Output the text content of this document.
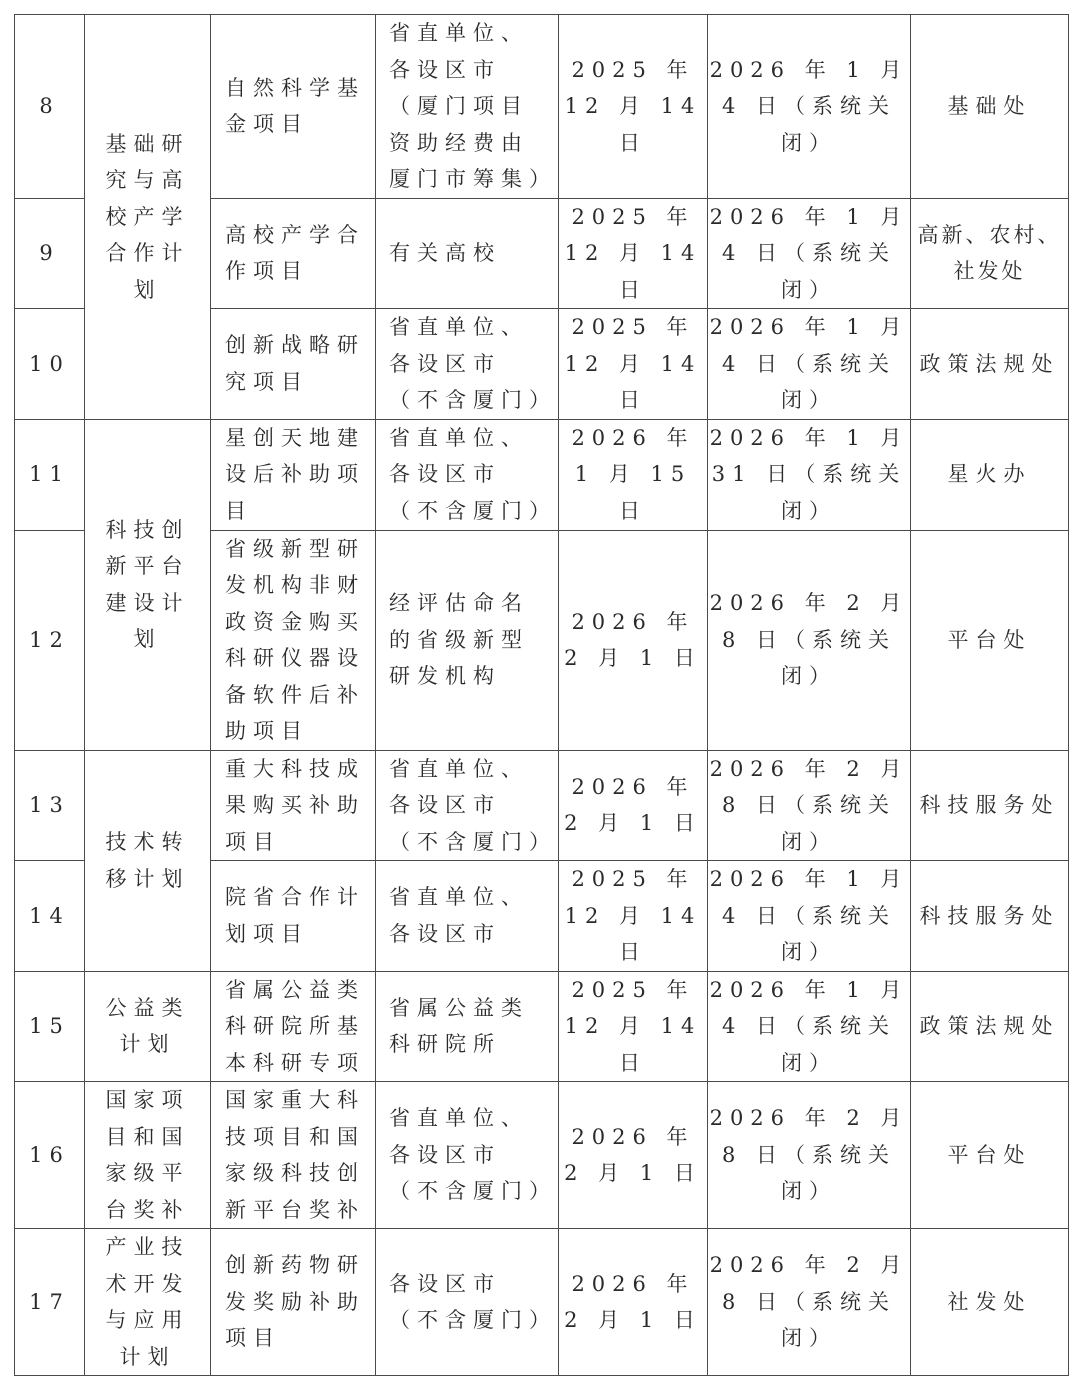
8	基础研究与高校产学合作计划	自然科学基金项目	省直单位、各设区市（厦门项目资助经费由厦门市筹集）	2025 年 12 月 14 日	2026 年 1 月 4 日（系统关闭）	基础处
9		高校产学合作项目	有关高校	2025 年 12 月 14 日	2026 年 1 月 4 日（系统关闭）	高新、农村、社发处
10		创新战略研究项目	省直单位、各设区市（不含厦门）	2025 年 12 月 14 日	2026 年 1 月 4 日（系统关闭）	政策法规处
11	科技创新平台建设计划	星创天地建设后补助项目	省直单位、各设区市（不含厦门）	2026 年 1 月 15 日	2026 年 1 月 31 日（系统关闭）	星火办
12		省级新型研发机构非财政资金购买科研仪器设备软件后补助项目	经评估命名的省级新型研发机构	2026 年 2 月 1 日	2026 年 2 月 8 日（系统关闭）	平台处
13	技术转移计划	重大科技成果购买补助项目	省直单位、各设区市（不含厦门）	2026 年 2 月 1 日	2026 年 2 月 8 日（系统关闭）	科技服务处
14		院省合作计划项目	省直单位、各设区市	2025 年 12 月 14 日	2026 年 1 月 4 日（系统关闭）	科技服务处
15	公益类计划	省属公益类科研院所基本科研专项	省属公益类科研院所	2025 年 12 月 14 日	2026 年 1 月 4 日（系统关闭）	政策法规处
16	国家项目和国家级平台奖补	国家重大科技项目和国家级科技创新平台奖补	省直单位、各设区市（不含厦门）	2026 年 2 月 1 日	2026 年 2 月 8 日（系统关闭）	平台处
17	产业技术开发与应用计划	创新药物研发奖励补助项目	各设区市（不含厦门）	2026 年 2 月 1 日	2026 年 2 月 8 日（系统关闭）	社发处
